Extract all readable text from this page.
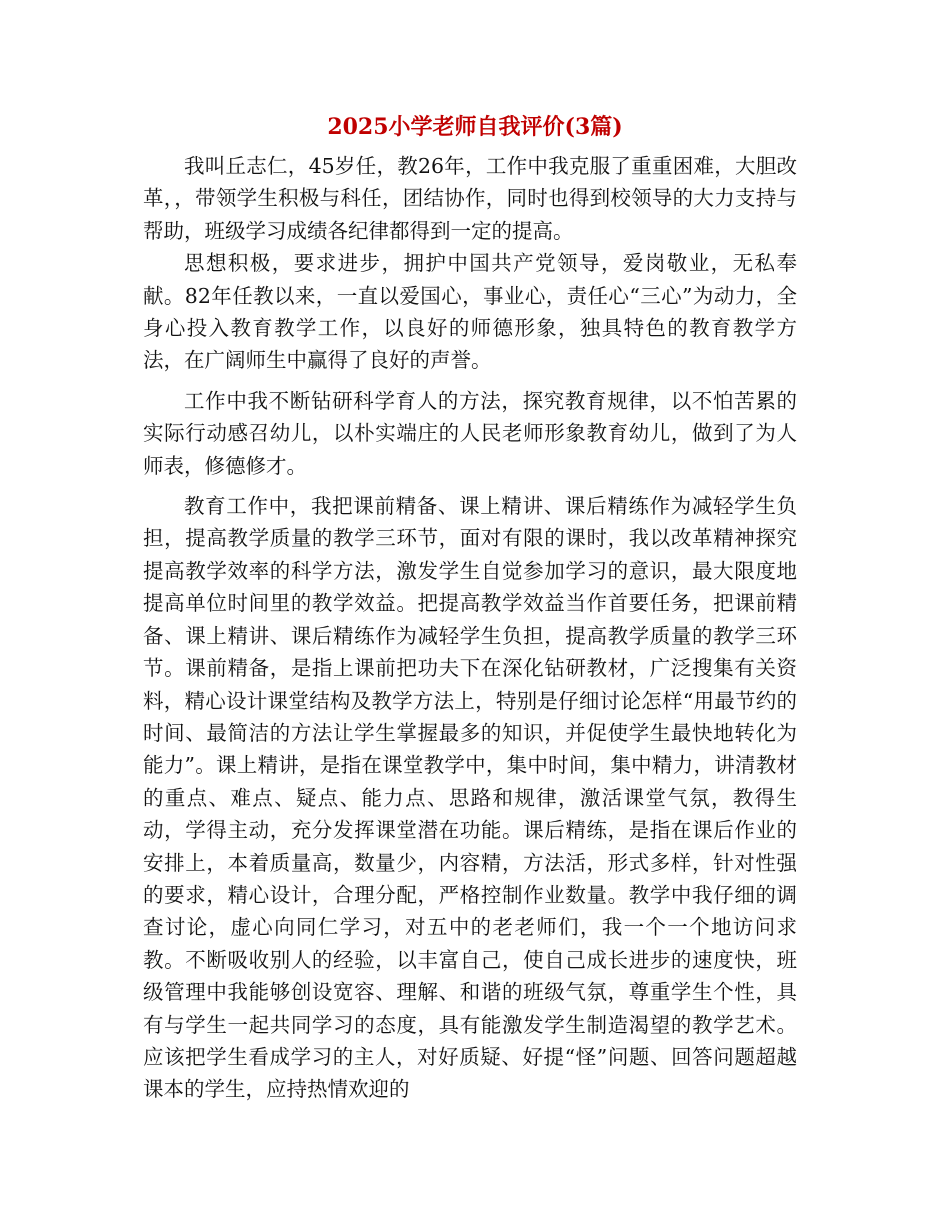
2025小学老师自我评价(3篇)

我叫丘志仁，45岁任，教26年，工作中我克服了重重困难，大胆改革，，带领学生积极与科任，团结协作，同时也得到校领导的大力支持与帮助，班级学习成绩各纪律都得到一定的提高。

思想积极，要求进步，拥护中国共产党领导，爱岗敬业，无私奉献。82年任教以来，一直以爱国心，事业心，责任心“三心”为动力，全身心投入教育教学工作，以良好的师德形象，独具特色的教育教学方法，在广阔师生中赢得了良好的声誉。

工作中我不断钻研科学育人的方法，探究教育规律，以不怕苦累的实际行动感召幼儿，以朴实端庄的人民老师形象教育幼儿，做到了为人师表，修德修才。

教育工作中，我把课前精备、课上精讲、课后精练作为减轻学生负担，提高教学质量的教学三环节，面对有限的课时，我以改革精神探究提高教学效率的科学方法，激发学生自觉参加学习的意识，最大限度地提高单位时间里的教学效益。把提高教学效益当作首要任务，把课前精备、课上精讲、课后精练作为减轻学生负担，提高教学质量的教学三环节。课前精备，是指上课前把功夫下在深化钻研教材，广泛搜集有关资料，精心设计课堂结构及教学方法上，特别是仔细讨论怎样“用最节约的时间、最简洁的方法让学生掌握最多的知识，并促使学生最快地转化为能力”。课上精讲，是指在课堂教学中，集中时间，集中精力，讲清教材的重点、难点、疑点、能力点、思路和规律，激活课堂气氛，教得生动，学得主动，充分发挥课堂潜在功能。课后精练，是指在课后作业的安排上，本着质量高，数量少，内容精，方法活，形式多样，针对性强的要求，精心设计，合理分配，严格控制作业数量。教学中我仔细的调查讨论，虚心向同仁学习，对五中的老老师们，我一个一个地访问求教。不断吸收别人的经验，以丰富自己，使自己成长进步的速度快，班级管理中我能够创设宽容、理解、和谐的班级气氛，尊重学生个性，具有与学生一起共同学习的态度，具有能激发学生制造渴望的教学艺术。应该把学生看成学习的主人，对好质疑、好提“怪”问题、回答问题超越课本的学生，应持热情欢迎的
